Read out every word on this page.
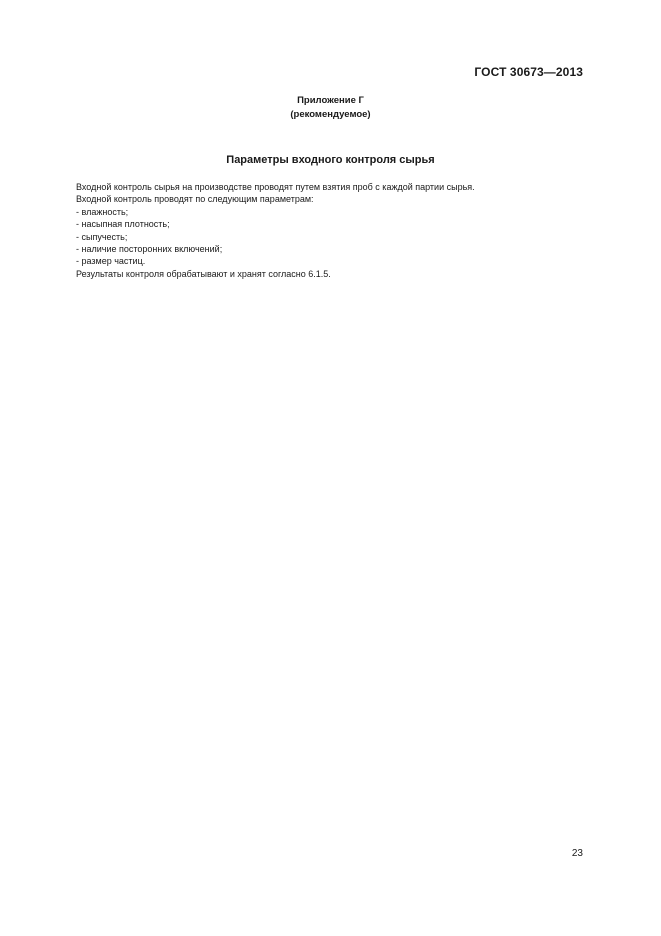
ГОСТ 30673—2013
Приложение Г
(рекомендуемое)
Параметры входного контроля сырья

Входной контроль сырья на производстве проводят путем взятия проб с каждой партии сырья.

Входной контроль проводят по следующим параметрам:

- влажность;
- насыпная плотность;
- сыпучесть;
- наличие посторонних включений;
- размер частиц.

Результаты контроля обрабатывают и хранят согласно 6.1.5.

23
